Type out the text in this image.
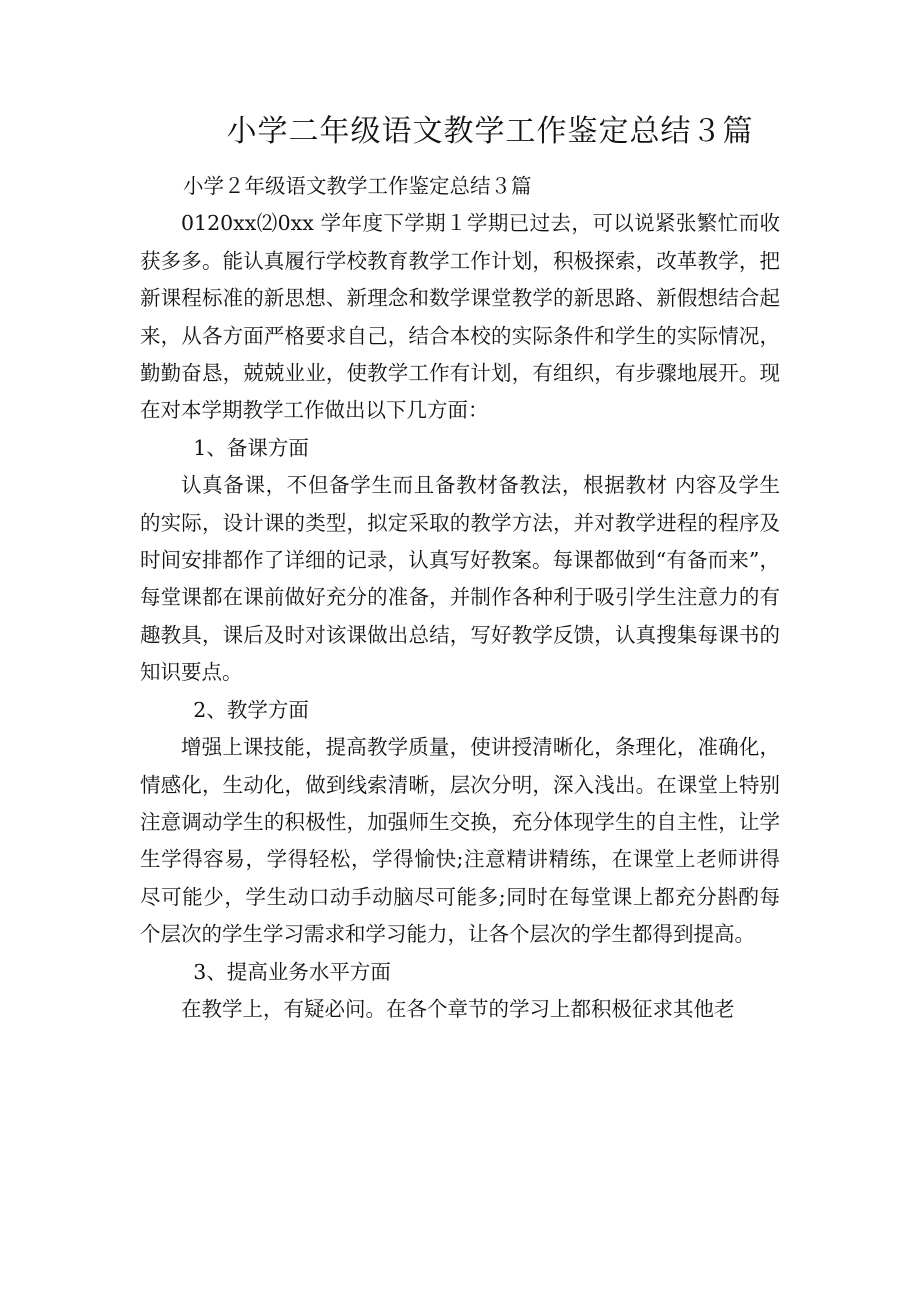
小学二年级语文教学工作鉴定总结３篇

小学２年级语文教学工作鉴定总结３篇

0120xx⑵0xx 学年度下学期１学期已过去，可以说紧张繁忙而收获多多。能认真履行学校教育教学工作计划，积极探索，改革教学，把新课程标准的新思想、新理念和数学课堂教学的新思路、新假想结合起来，从各方面严格要求自己，结合本校的实际条件和学生的实际情况，勤勤奋恳，兢兢业业，使教学工作有计划，有组织，有步骤地展开。现在对本学期教学工作做出以下几方面：

1、备课方面

认真备课，不但备学生而且备教材备教法，根据教材 内容及学生的实际，设计课的类型，拟定采取的教学方法，并对教学进程的程序及时间安排都作了详细的记录，认真写好教案。每课都做到“有备而来”，每堂课都在课前做好充分的准备，并制作各种利于吸引学生注意力的有趣教具，课后及时对该课做出总结，写好教学反馈，认真搜集每课书的知识要点。

2、教学方面

增强上课技能，提高教学质量，使讲授清晰化，条理化，准确化，情感化，生动化，做到线索清晰，层次分明，深入浅出。在课堂上特别注意调动学生的积极性，加强师生交换，充分体现学生的自主性，让学生学得容易，学得轻松，学得愉快;注意精讲精练，在课堂上老师讲得尽可能少，学生动口动手动脑尽可能多;同时在每堂课上都充分斟酌每个层次的学生学习需求和学习能力，让各个层次的学生都得到提高。

3、提高业务水平方面

在教学上，有疑必问。在各个章节的学习上都积极征求其他老
